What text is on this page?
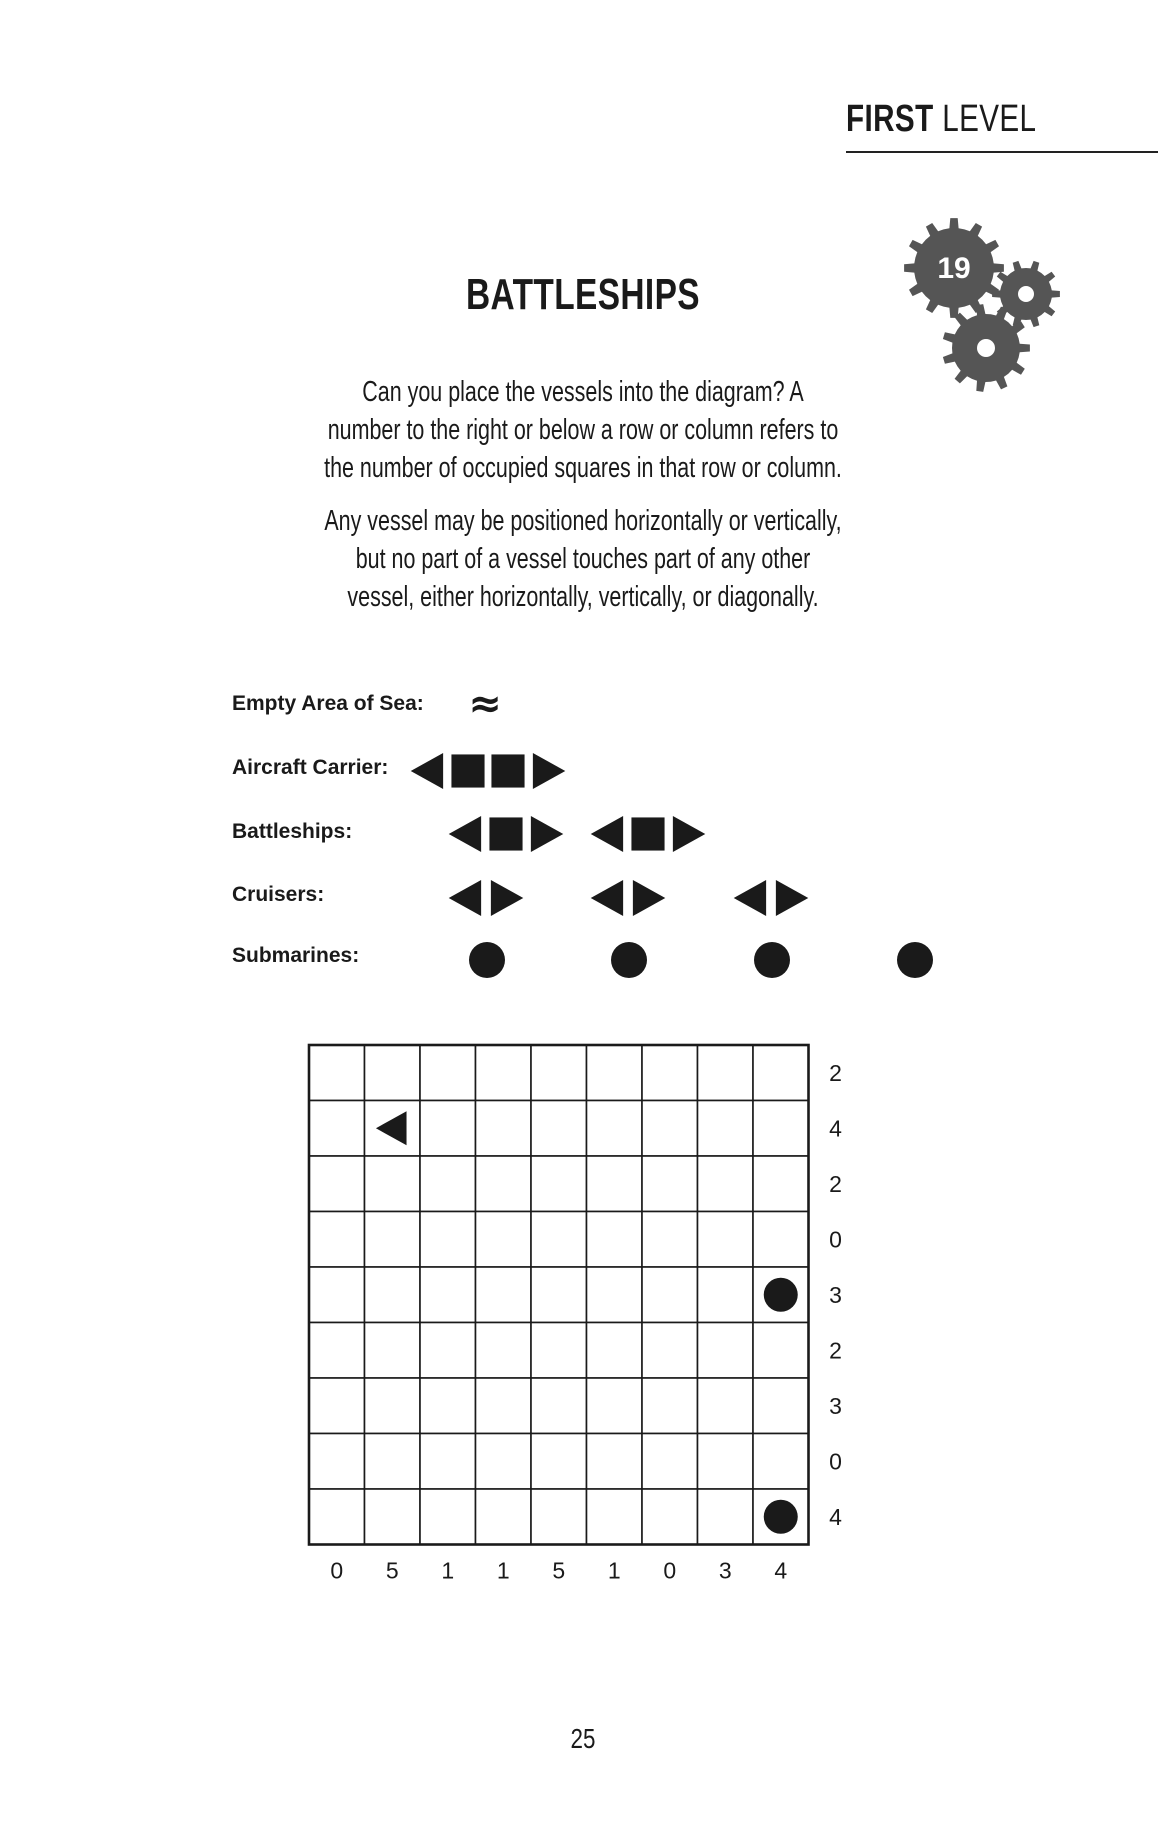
FIRST LEVEL
19
BATTLESHIPS
Can you place the vessels into the diagram? A number to the right or below a row or column refers to the number of occupied squares in that row or column.
Any vessel may be positioned horizontally or vertically, but no part of a vessel touches part of any other vessel, either horizontally, vertically, or diagonally.
Empty Area of Sea:
Aircraft Carrier:
Battleships:
Cruisers:
Submarines:
≈
2
4
2
0
3
2
3
0
4
0 5 1 1 5 1 0 3 4
25
